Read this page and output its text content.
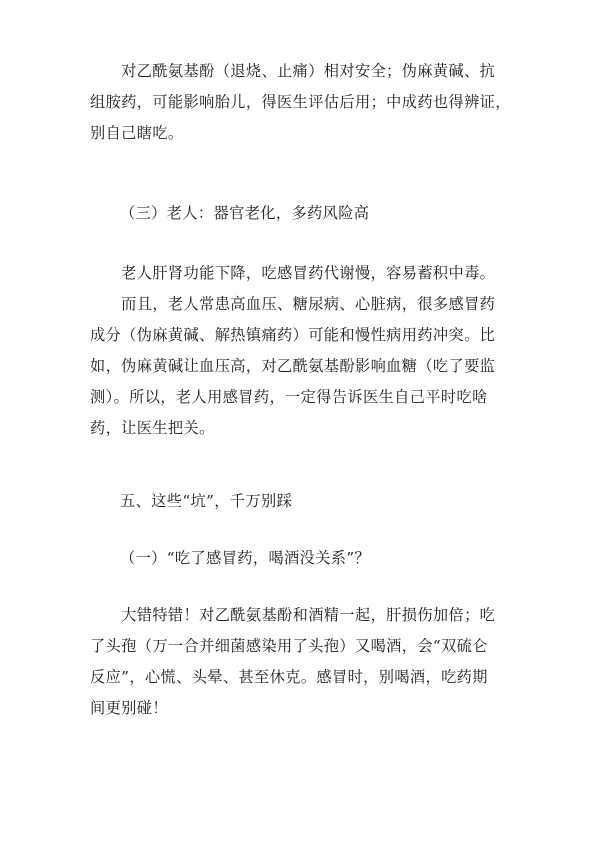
　　对乙酰氨基酚（退烧、止痛）相对安全；伪麻黄碱、抗
组胺药，可能影响胎儿，得医生评估后用；中成药也得辨证，
别自己瞎吃。

（三）老人：器官老化，多药风险高

　　老人肝肾功能下降，吃感冒药代谢慢，容易蓄积中毒。

　　而且，老人常患高血压、糖尿病、心脏病，很多感冒药
成分（伪麻黄碱、解热镇痛药）可能和慢性病用药冲突。比
如，伪麻黄碱让血压高，对乙酰氨基酚影响血糖（吃了要监
测）。所以，老人用感冒药，一定得告诉医生自己平时吃啥
药，让医生把关。

五、这些“坑”，千万别踩

（一）“吃了感冒药，喝酒没关系”？

　　大错特错！对乙酰氨基酚和酒精一起，肝损伤加倍；吃
了头孢（万一合并细菌感染用了头孢）又喝酒，会“双硫仑
反应”，心慌、头晕、甚至休克。感冒时，别喝酒，吃药期
间更别碰！
